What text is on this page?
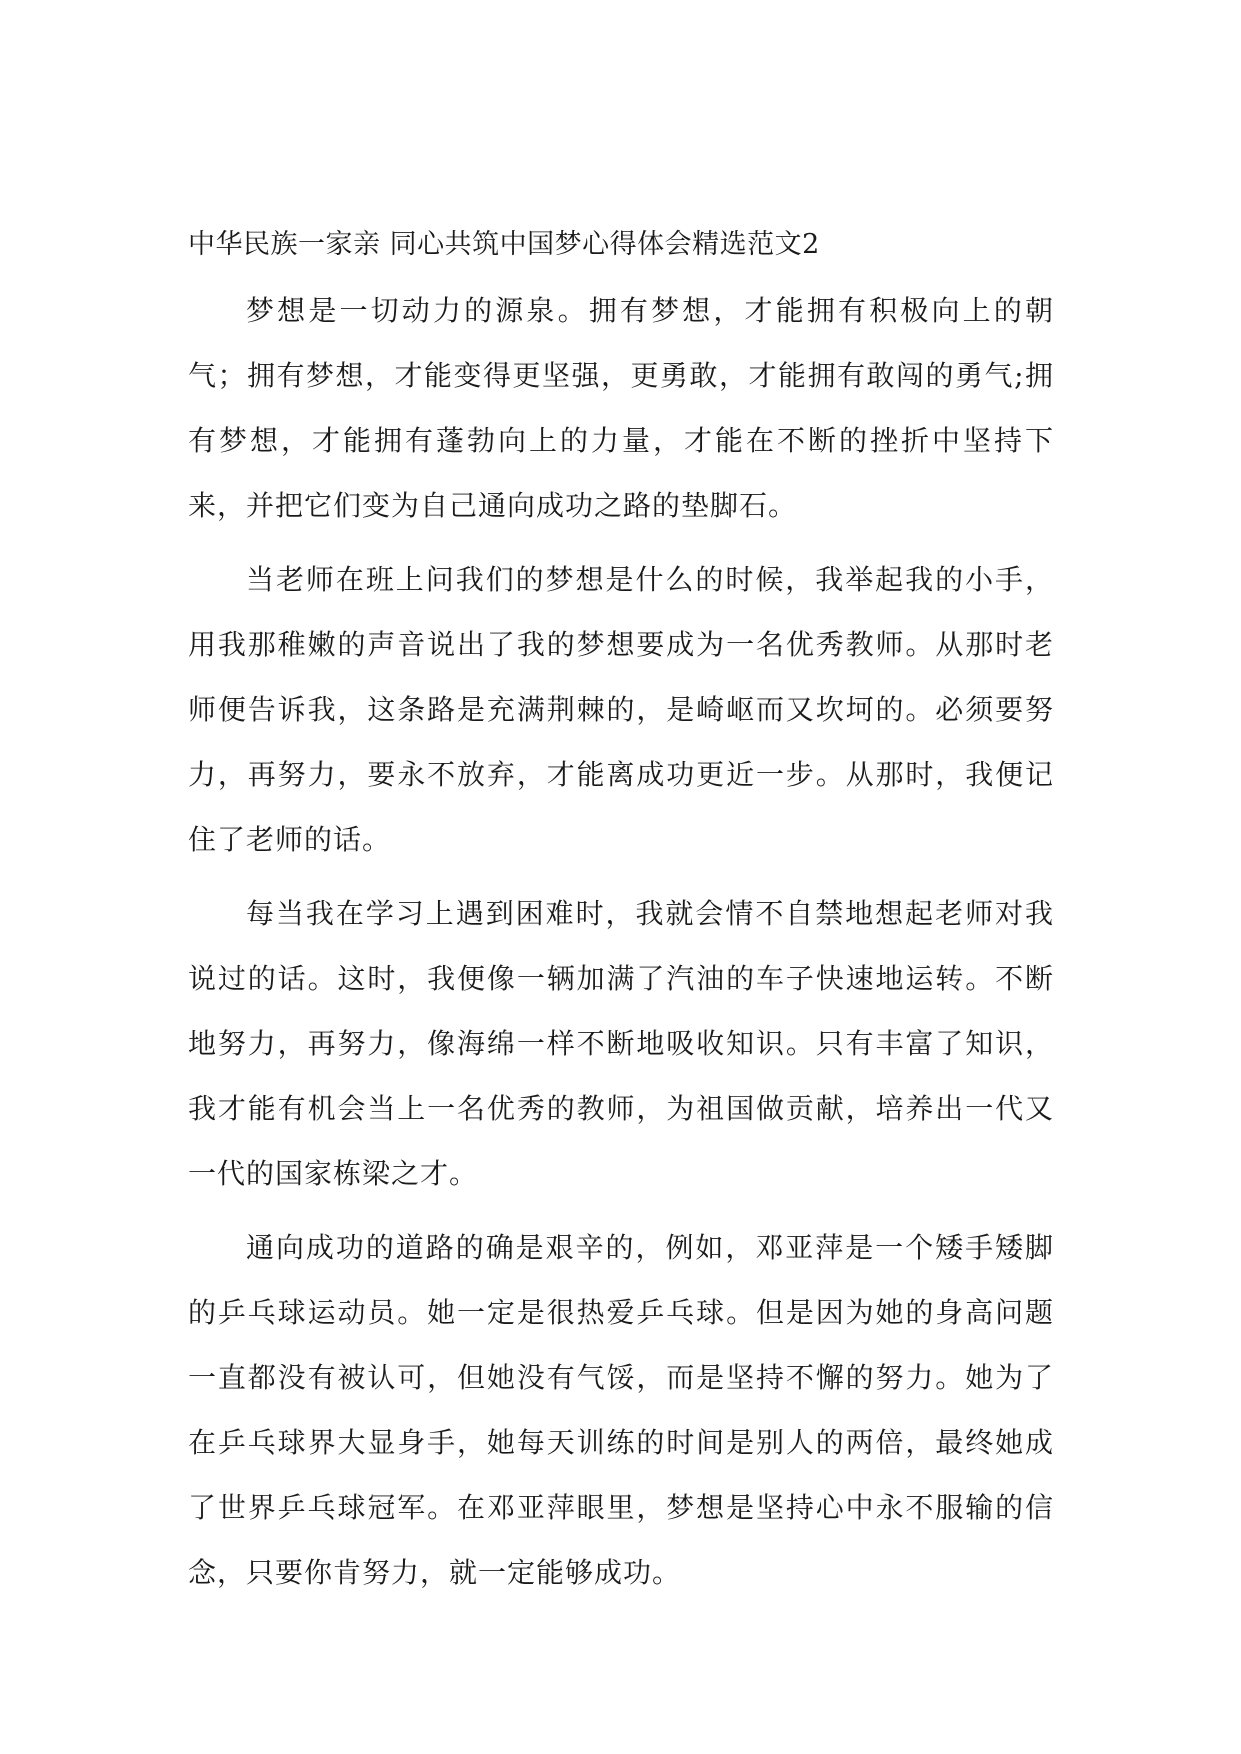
中华民族一家亲 同心共筑中国梦心得体会精选范文2

梦想是一切动力的源泉。拥有梦想，才能拥有积极向上的朝气；拥有梦想，才能变得更坚强，更勇敢，才能拥有敢闯的勇气;拥有梦想，才能拥有蓬勃向上的力量，才能在不断的挫折中坚持下来，并把它们变为自己通向成功之路的垫脚石。

当老师在班上问我们的梦想是什么的时候，我举起我的小手，用我那稚嫩的声音说出了我的梦想要成为一名优秀教师。从那时老师便告诉我，这条路是充满荆棘的，是崎岖而又坎坷的。必须要努力，再努力，要永不放弃，才能离成功更近一步。从那时，我便记住了老师的话。

每当我在学习上遇到困难时，我就会情不自禁地想起老师对我说过的话。这时，我便像一辆加满了汽油的车子快速地运转。不断地努力，再努力，像海绵一样不断地吸收知识。只有丰富了知识，我才能有机会当上一名优秀的教师，为祖国做贡献，培养出一代又一代的国家栋梁之才。

通向成功的道路的确是艰辛的，例如，邓亚萍是一个矮手矮脚的乒乓球运动员。她一定是很热爱乒乓球。但是因为她的身高问题一直都没有被认可，但她没有气馁，而是坚持不懈的努力。她为了在乒乓球界大显身手，她每天训练的时间是别人的两倍，最终她成了世界乒乓球冠军。在邓亚萍眼里，梦想是坚持心中永不服输的信念，只要你肯努力，就一定能够成功。
